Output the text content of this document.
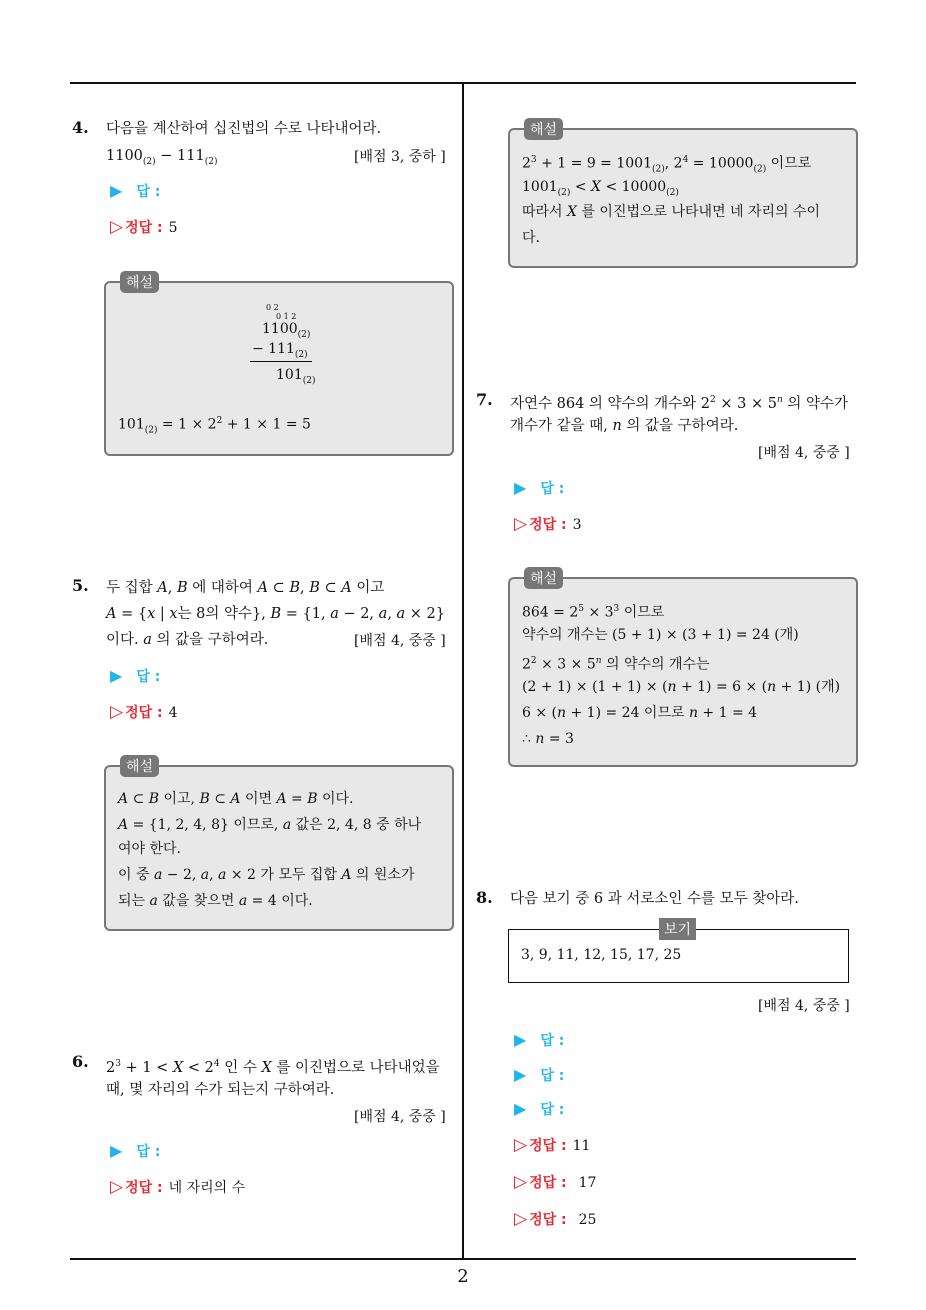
2
4. 다음을 계산하여 십진법의 수로 나타내어라.
$1100_{(2)} - 111_{(2)}$	[배점 3, 중하 ]
▶ 답 :
▷ 정답 : 5
해설
0 2
0 1 2
$1100_{(2)}$
− $111_{(2)}$
$101_{(2)}$
$101_{(2)} = 1 \times 2^2 + 1 \times 1 = 5$
5. 두 집합 A, B 에 대하여 A ⊂ B, B ⊂ A 이고
A = {x | x는 8의 약수}, B = {1, a − 2, a, a × 2}
이다. a 의 값을 구하여라.	[배점 4, 중중 ]
▶ 답 :
▷ 정답 : 4
해설
A ⊂ B 이고, B ⊂ A 이면 A = B 이다.
A = {1, 2, 4, 8} 이므로, a 값은 2, 4, 8 중 하나
여야 한다.
이 중 a − 2, a, a × 2 가 모두 집합 A 의 원소가
되는 a 값을 찾으면 a = 4 이다.
6. $2^3 + 1 < X < 2^4$ 인 수 X 를 이진법으로 나타내었을
때, 몇 자리의 수가 되는지 구하여라.
[배점 4, 중중 ]
▶ 답 :
▷ 정답 : 네 자리의 수
해설
$2^3 + 1 = 9 = 1001_{(2)}$, $2^4 = 10000_{(2)}$ 이므로
$1001_{(2)} < X < 10000_{(2)}$
따라서 X 를 이진법으로 나타내면 네 자리의 수이
다.
7. 자연수 864 의 약수의 개수와 $2^2 \times 3 \times 5^n$ 의 약수가
개수가 같을 때, n 의 값을 구하여라.
[배점 4, 중중 ]
▶ 답 :
▷ 정답 : 3
해설
$864 = 2^5 \times 3^3$ 이므로
약수의 개수는 (5 + 1) × (3 + 1) = 24 (개)
$2^2 \times 3 \times 5^n$ 의 약수의 개수는
(2 + 1) × (1 + 1) × (n + 1) = 6 × (n + 1) (개)
6 × (n + 1) = 24 이므로 n + 1 = 4
∴ n = 3
8. 다음 보기 중 6 과 서로소인 수를 모두 찾아라.
보기
3, 9, 11, 12, 15, 17, 25
[배점 4, 중중 ]
▶ 답 :
▶ 답 :
▶ 답 :
▷ 정답 : 11
▷ 정답 : 17
▷ 정답 : 25
